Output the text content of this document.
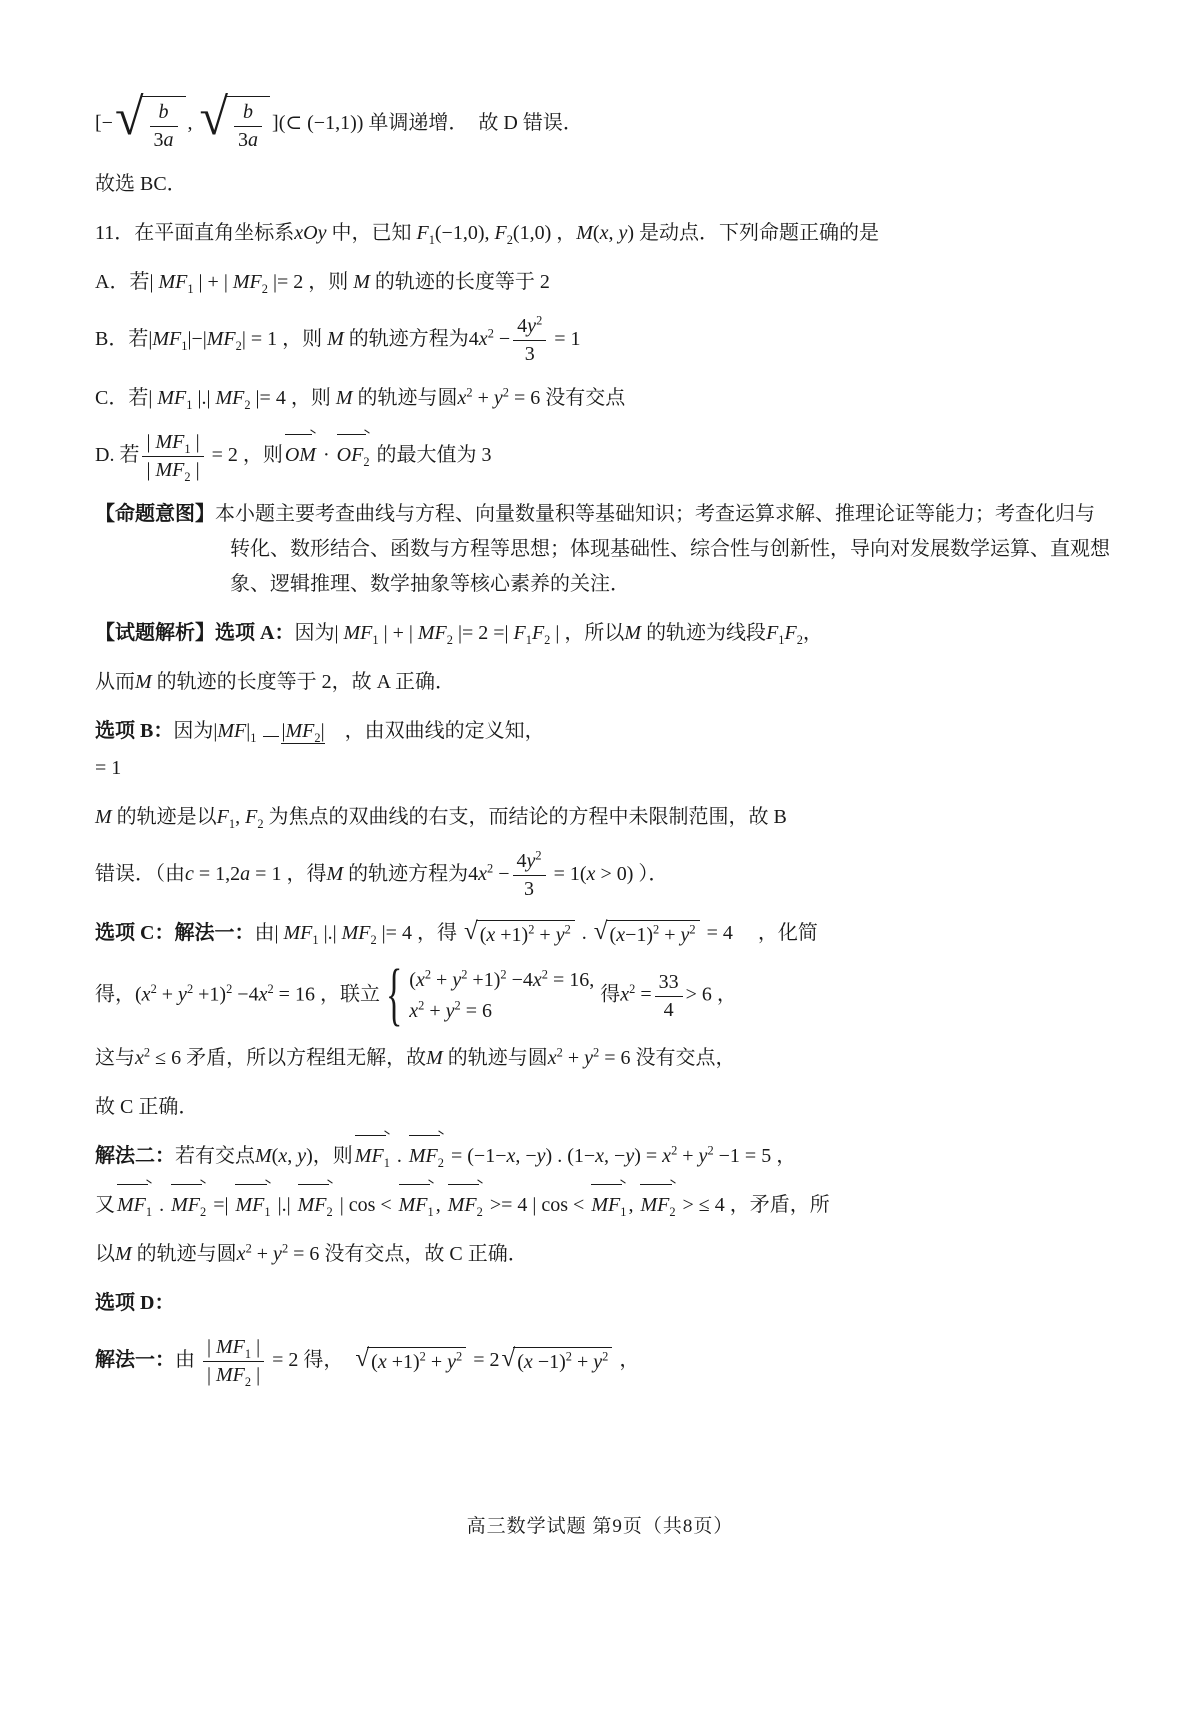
[− √ $\frac{b}{3a}$ , √ $\frac{b}{3a}$ ](⊂ (−1,1)) 单调递增．　故 D 错误．

故选 BC．

11．在平面直角坐标系xOy 中，已知 $F_1(-1,0)$, $F_2(1,0)$ ，M(x, y) 是动点．下列命题正确的是

A．若| $MF_1$ | + | $MF_2$ |= 2 ，则 M 的轨迹的长度等于 2

B．若$|MF_1|-|MF_2| = 1$ ，则 M 的轨迹方程为$4x^2 - \frac{4y^2}{3} = 1$

C．若| $MF_1$ |.| $MF_2$ |= 4 ，则 M 的轨迹与圆$x^2 + y^2 = 6$ 没有交点

D. 若 $\frac{| MF_1 |}{| MF_2 |} = 2$ ，则 OM · $OF_2$ 的最大值为 3

【命题意图】本小题主要考查曲线与方程、向量数量积等基础知识；考查运算求解、推理论证等能力；考查化归与转化、数形结合、函数与方程等思想；体现基础性、综合性与创新性，导向对发展数学运算、直观想象、逻辑推理、数学抽象等核心素养的关注．

【试题解析】选项 A：因为| $MF_1$ | + | $MF_2$ |= 2 =| $F_1F_2$ | ，所以M 的轨迹为线段$F_1F_2$，

从而M 的轨迹的长度等于 2，故 A 正确．

选项 B：因为$|MF|_1$ $|MF_2|$　，由双曲线的定义知，

= 1

M 的轨迹是以$F_1$, $F_2$ 为焦点的双曲线的右支，而结论的方程中未限制范围，故 B

错误．（由c = 1,2a = 1 ，得M 的轨迹方程为$4x^2 - \frac{4y^2}{3} = 1(x > 0)$ ）．

选项 C：解法一：由| $MF_1$ |.| $MF_2$ |= 4 ，得 √ $(x +1)^2 + y^2$ . √ $(x-1)^2 + y^2 = 4$ 　，化简

得，$(x^2 + y^2 +1)^2 -4x^2 = 16$ ，联立 { $(x^2 + y^2 +1)^2 -4x^2 = 16$,
$x^2 + y^2 = 6$
得$x^2 = \frac{33}{4} > 6$ ，

这与$x^2 \le 6$ 矛盾，所以方程组无解，故M 的轨迹与圆$x^2 + y^2 = 6$ 没有交点，

故 C 正确．

解法二：若有交点M(x, y)，则 $MF_1$ . $MF_2 = (-1-x$, −y) . (1−x, $-y) = x^2 + y^2 -1 = 5$ ，

又 $MF_1$ . $MF_2$ =| $MF_1$ |.| $MF_2$ | $\cos < MF_1$ , $MF_2 >= 4$ | $\cos < MF_1$ , $MF_2$ > ≤ 4 ，矛盾，所

以M 的轨迹与圆$x^2 + y^2 = 6$ 没有交点，故 C 正确．

选项 D：

解法一：由 $\frac{| MF_1 |}{| MF_2 |} = 2$ 得，　 √ $(x +1)^2 + y^2 = 2$ √ $(x -1)^2 + y^2$ ，

高三数学试题 第9页（共8页）
